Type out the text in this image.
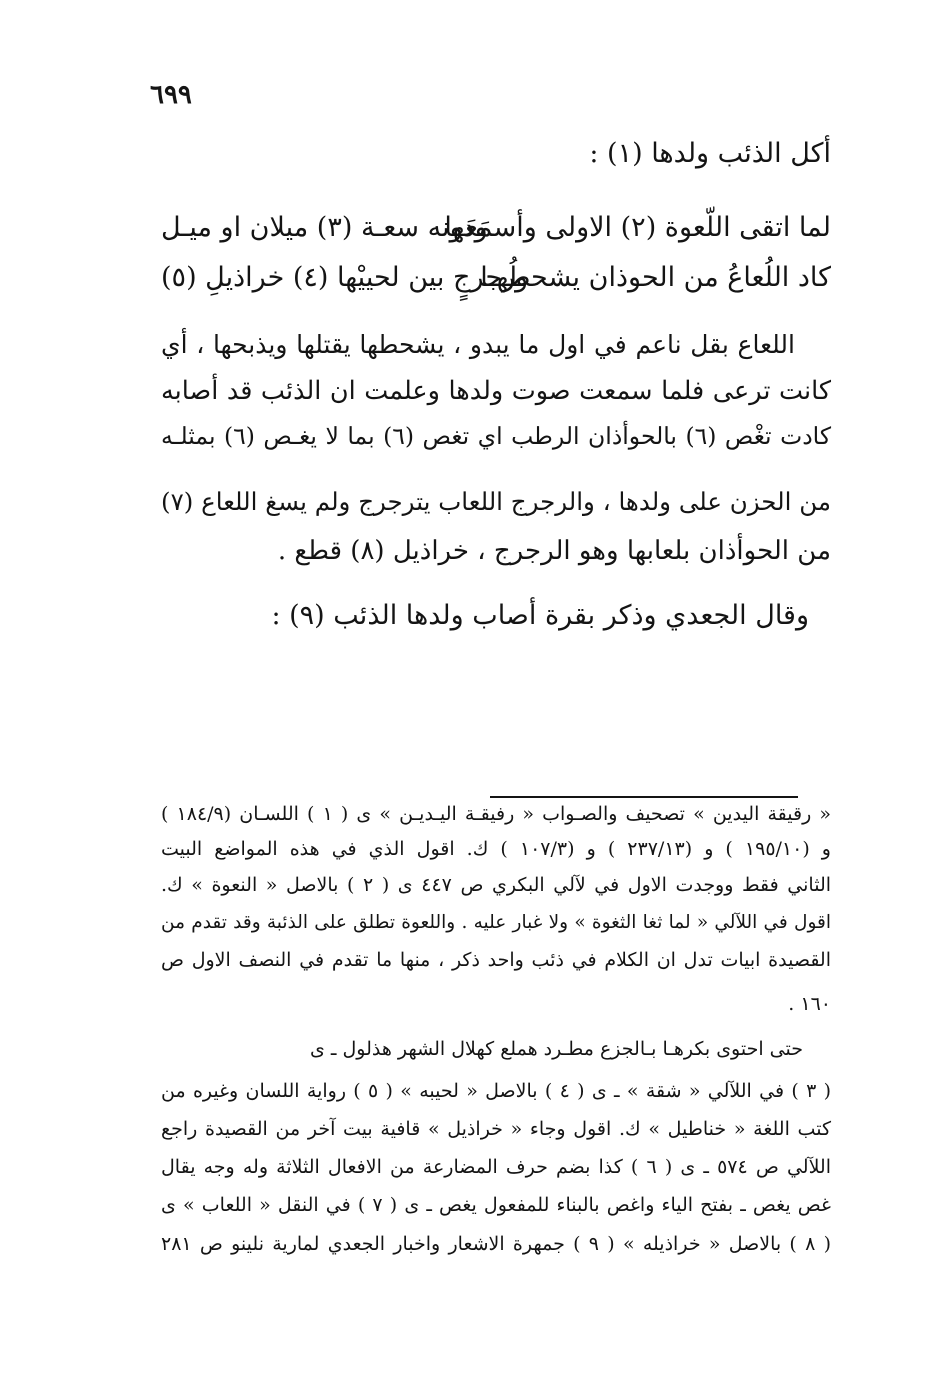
٦٩٩
أكل الذئب ولدها (١) :
لما اتقى اللّعوة (٢) الاولى وأسمَعَها
ودونه سعـة (٣) ميلان او ميـل
كاد اللُعاعُ من الحوذان يشحطُهـا
ورجرجٍ بين لحييْها (٤) خراذيلِ (٥)
اللعاع بقل ناعم في اول ما يبدو ، يشحطها يقتلها ويذبحها ، أي
كانت ترعى فلما سمعت صوت ولدها وعلمت ان الذئب قد أصابه
كادت تغْص (٦) بالحوأذان الرطب اي تغص (٦) بما لا يغـص (٦) بمثلـه
من الحزن على ولدها ، والرجرج اللعاب يترجرج ولم يسغ اللعاع (٧)
من الحوأذان بلعابها وهو الرجرج ، خراذيل (٨) قطع .
وقال الجعدي وذكر بقرة أصاب ولدها الذئب (٩) :
« رقيقة اليدين » تصحيف والصـواب « رفيقـة اليـديـن » ى ( ١ ) اللسـان (١٨٤/٩ )
و (١٩٥/١٠ ) و (٢٣٧/١٣ ) و (١٠٧/٣ ) ك. اقول الذي في هذه المواضع البيت
الثاني فقط ووجدت الاول في لآلي البكري ص ٤٤٧ ى ( ٢ ) بالاصل « النعوة » ك.
اقول في اللآلي « لما ثغا الثغوة » ولا غبار عليه . واللعوة تطلق على الذئبة وقد تقدم من
القصيدة ابيات تدل ان الكلام في ذئب واحد ذكر ، منها ما تقدم في النصف الاول ص
١٦٠ .
حتى احتوى بكرهـا بـالجزع مطـرد هملع كهلال الشهر هذلول ـ ى
( ٣ ) في اللآلي « شقة » ـ ى ( ٤ ) بالاصل « لحيبه » ( ٥ ) رواية اللسان وغيره من
كتب اللغة « خناطيل » ك. اقول وجاء « خراذيل » قافية بيت آخر من القصيدة راجع
اللآلي ص ٥٧٤ ـ ى ( ٦ ) كذا بضم حرف المضارعة من الافعال الثلاثة وله وجه يقال
غص يغص ـ بفتح الياء واغص بالبناء للمفعول يغص ـ ى ( ٧ ) في النقل « اللعاب » ى
( ٨ ) بالاصل « خراذيله » ( ٩ ) جمهرة الاشعار واخبار الجعدي لمارية نلينو ص ٢٨١
